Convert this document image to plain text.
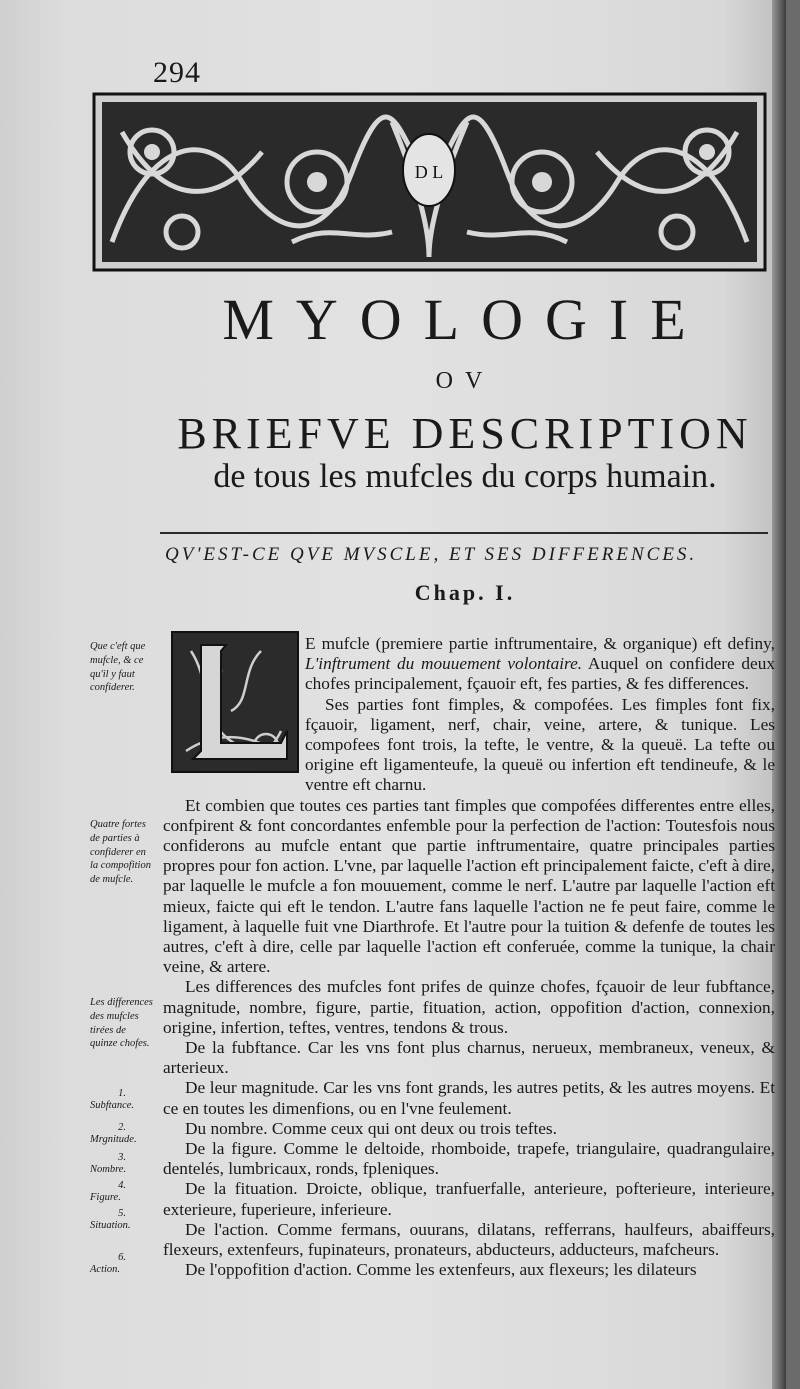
294
D L
MYOLOGIE
OV
BRIEFVE DESCRIPTION
de tous les mufcles du corps humain.
QV'EST-CE QVE MVSCLE, ET SES DIFFERENCES.
Chap. I.

E mufcle (premiere partie inftrumentaire, & organique) eft definy, L'inftrument du mouuement volontaire. Auquel on confidere deux chofes principalement, fçauoir eft, fes parties, & fes differences.

Ses parties font fimples, & compofées. Les fimples font fix, fçauoir, ligament, nerf, chair, veine, artere, & tunique. Les compofees font trois, la tefte, le ventre, & la queuë. La tefte ou origine eft ligamenteufe, la queuë ou infertion eft tendineufe, & le ventre eft charnu.

Et combien que toutes ces parties tant fimples que compofées differentes entre elles, confpirent & font concordantes enfemble pour la perfection de l'action: Toutesfois nous confiderons au mufcle entant que partie inftrumentaire, quatre principales parties propres pour fon action. L'vne, par laquelle l'action eft principalement faicte, c'eft à dire, par laquelle le mufcle a fon mouuement, comme le nerf. L'autre par laquelle l'action eft mieux, faicte qui eft le tendon. L'autre fans laquelle l'action ne fe peut faire, comme le ligament, à laquelle fuit vne Diarthrofe. Et l'autre pour la tuition & defenfe de toutes les autres, c'eft à dire, celle par laquelle l'action eft conferuée, comme la tunique, la chair veine, & artere.

Les differences des mufcles font prifes de quinze chofes, fçauoir de leur fubftance, magnitude, nombre, figure, partie, fituation, action, oppofition d'action, connexion, origine, infertion, teftes, ventres, tendons & trous.

De la fubftance. Car les vns font plus charnus, nerueux, membraneux, veneux, & arterieux.

De leur magnitude. Car les vns font grands, les autres petits, & les autres moyens. Et ce en toutes les dimenfions, ou en l'vne feulement.

Du nombre. Comme ceux qui ont deux ou trois teftes.

De la figure. Comme le deltoide, rhomboide, trapefe, triangulaire, quadrangulaire, dentelés, lumbricaux, ronds, fpleniques.

De la fituation. Droicte, oblique, tranfuerfalle, anterieure, pofterieure, interieure, exterieure, fuperieure, inferieure.

De l'action. Comme fermans, ouurans, dilatans, refferrans, haulfeurs, abaiffeurs, flexeurs, extenfeurs, fupinateurs, pronateurs, abducteurs, adducteurs, mafcheurs.

De l'oppofition d'action. Comme les extenfeurs, aux flexeurs; les dilateurs

Que c'eft que mufcle, & ce qu'il y faut confiderer.
Quatre fortes de parties à confiderer en la compofition de mufcle.
Les differences des mufcles tirées de quinze chofes.
1.
Subftance.
2.
Mrgnitude.
3.
Nombre.
4.
Figure.
5.
Situation.
6.
Action.
